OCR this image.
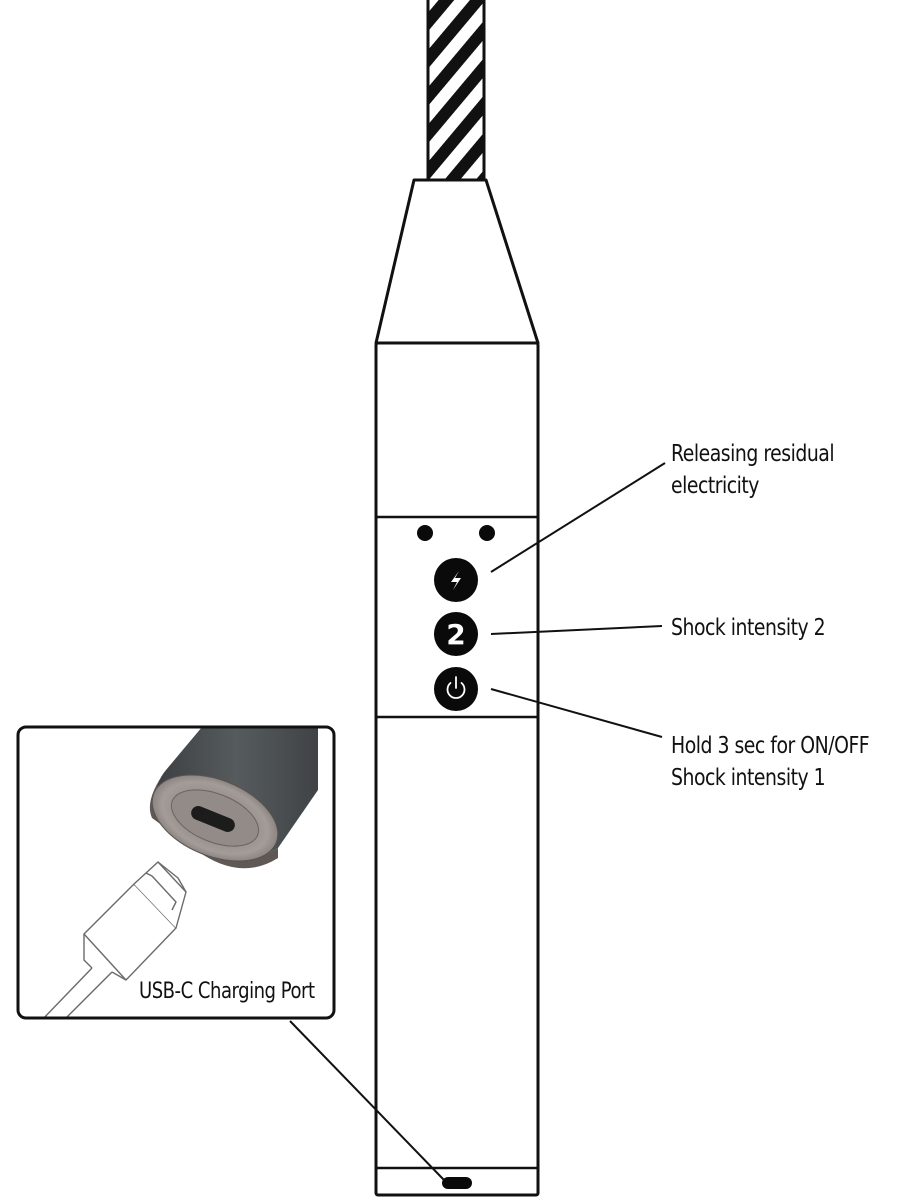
2
Releasing residual
electricity
Shock intensity 2
Hold 3 sec for ON/OFF
Shock intensity 1
USB-C Charging Port
